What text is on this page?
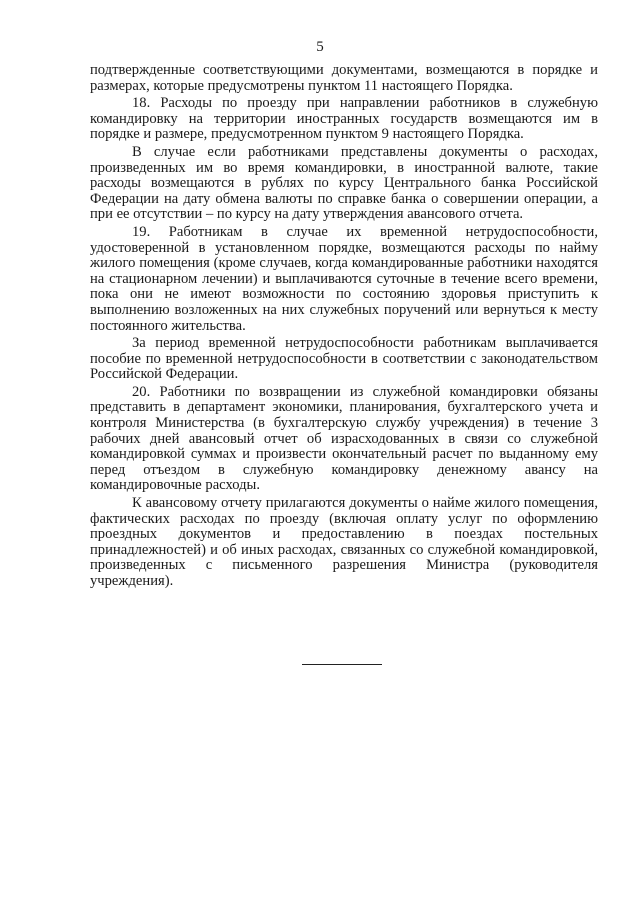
5

подтвержденные соответствующими документами, возмещаются в порядке и размерах, которые предусмотрены пунктом 11 настоящего Порядка.

18. Расходы по проезду при направлении работников в служебную командировку на территории иностранных государств возмещаются им в порядке и размере, предусмотренном пунктом 9 настоящего Порядка.

В случае если работниками представлены документы о расходах, произведенных им во время командировки, в иностранной валюте, такие расходы возмещаются в рублях по курсу Центрального банка Российской Федерации на дату обмена валюты по справке банка о совершении операции, а при ее отсутствии – по курсу на дату утверждения авансового отчета.

19. Работникам в случае их временной нетрудоспособности, удостоверенной в установленном порядке, возмещаются расходы по найму жилого помещения (кроме случаев, когда командированные работники находятся на стационарном лечении) и выплачиваются суточные в течение всего времени, пока они не имеют возможности по состоянию здоровья приступить к выполнению возложенных на них служебных поручений или вернуться к месту постоянного жительства.

За период временной нетрудоспособности работникам выплачивается пособие по временной нетрудоспособности в соответствии с законодательством Российской Федерации.

20. Работники по возвращении из служебной командировки обязаны представить в департамент экономики, планирования, бухгалтерского учета и контроля Министерства (в бухгалтерскую службу учреждения) в течение 3 рабочих дней авансовый отчет об израсходованных в связи со служебной командировкой суммах и произвести окончательный расчет по выданному ему перед отъездом в служебную командировку денежному авансу на командировочные расходы.

К авансовому отчету прилагаются документы о найме жилого помещения, фактических расходах по проезду (включая оплату услуг по оформлению проездных документов и предоставлению в поездах постельных принадлежностей) и об иных расходах, связанных со служебной командировкой, произведенных с письменного разрешения Министра (руководителя учреждения).
